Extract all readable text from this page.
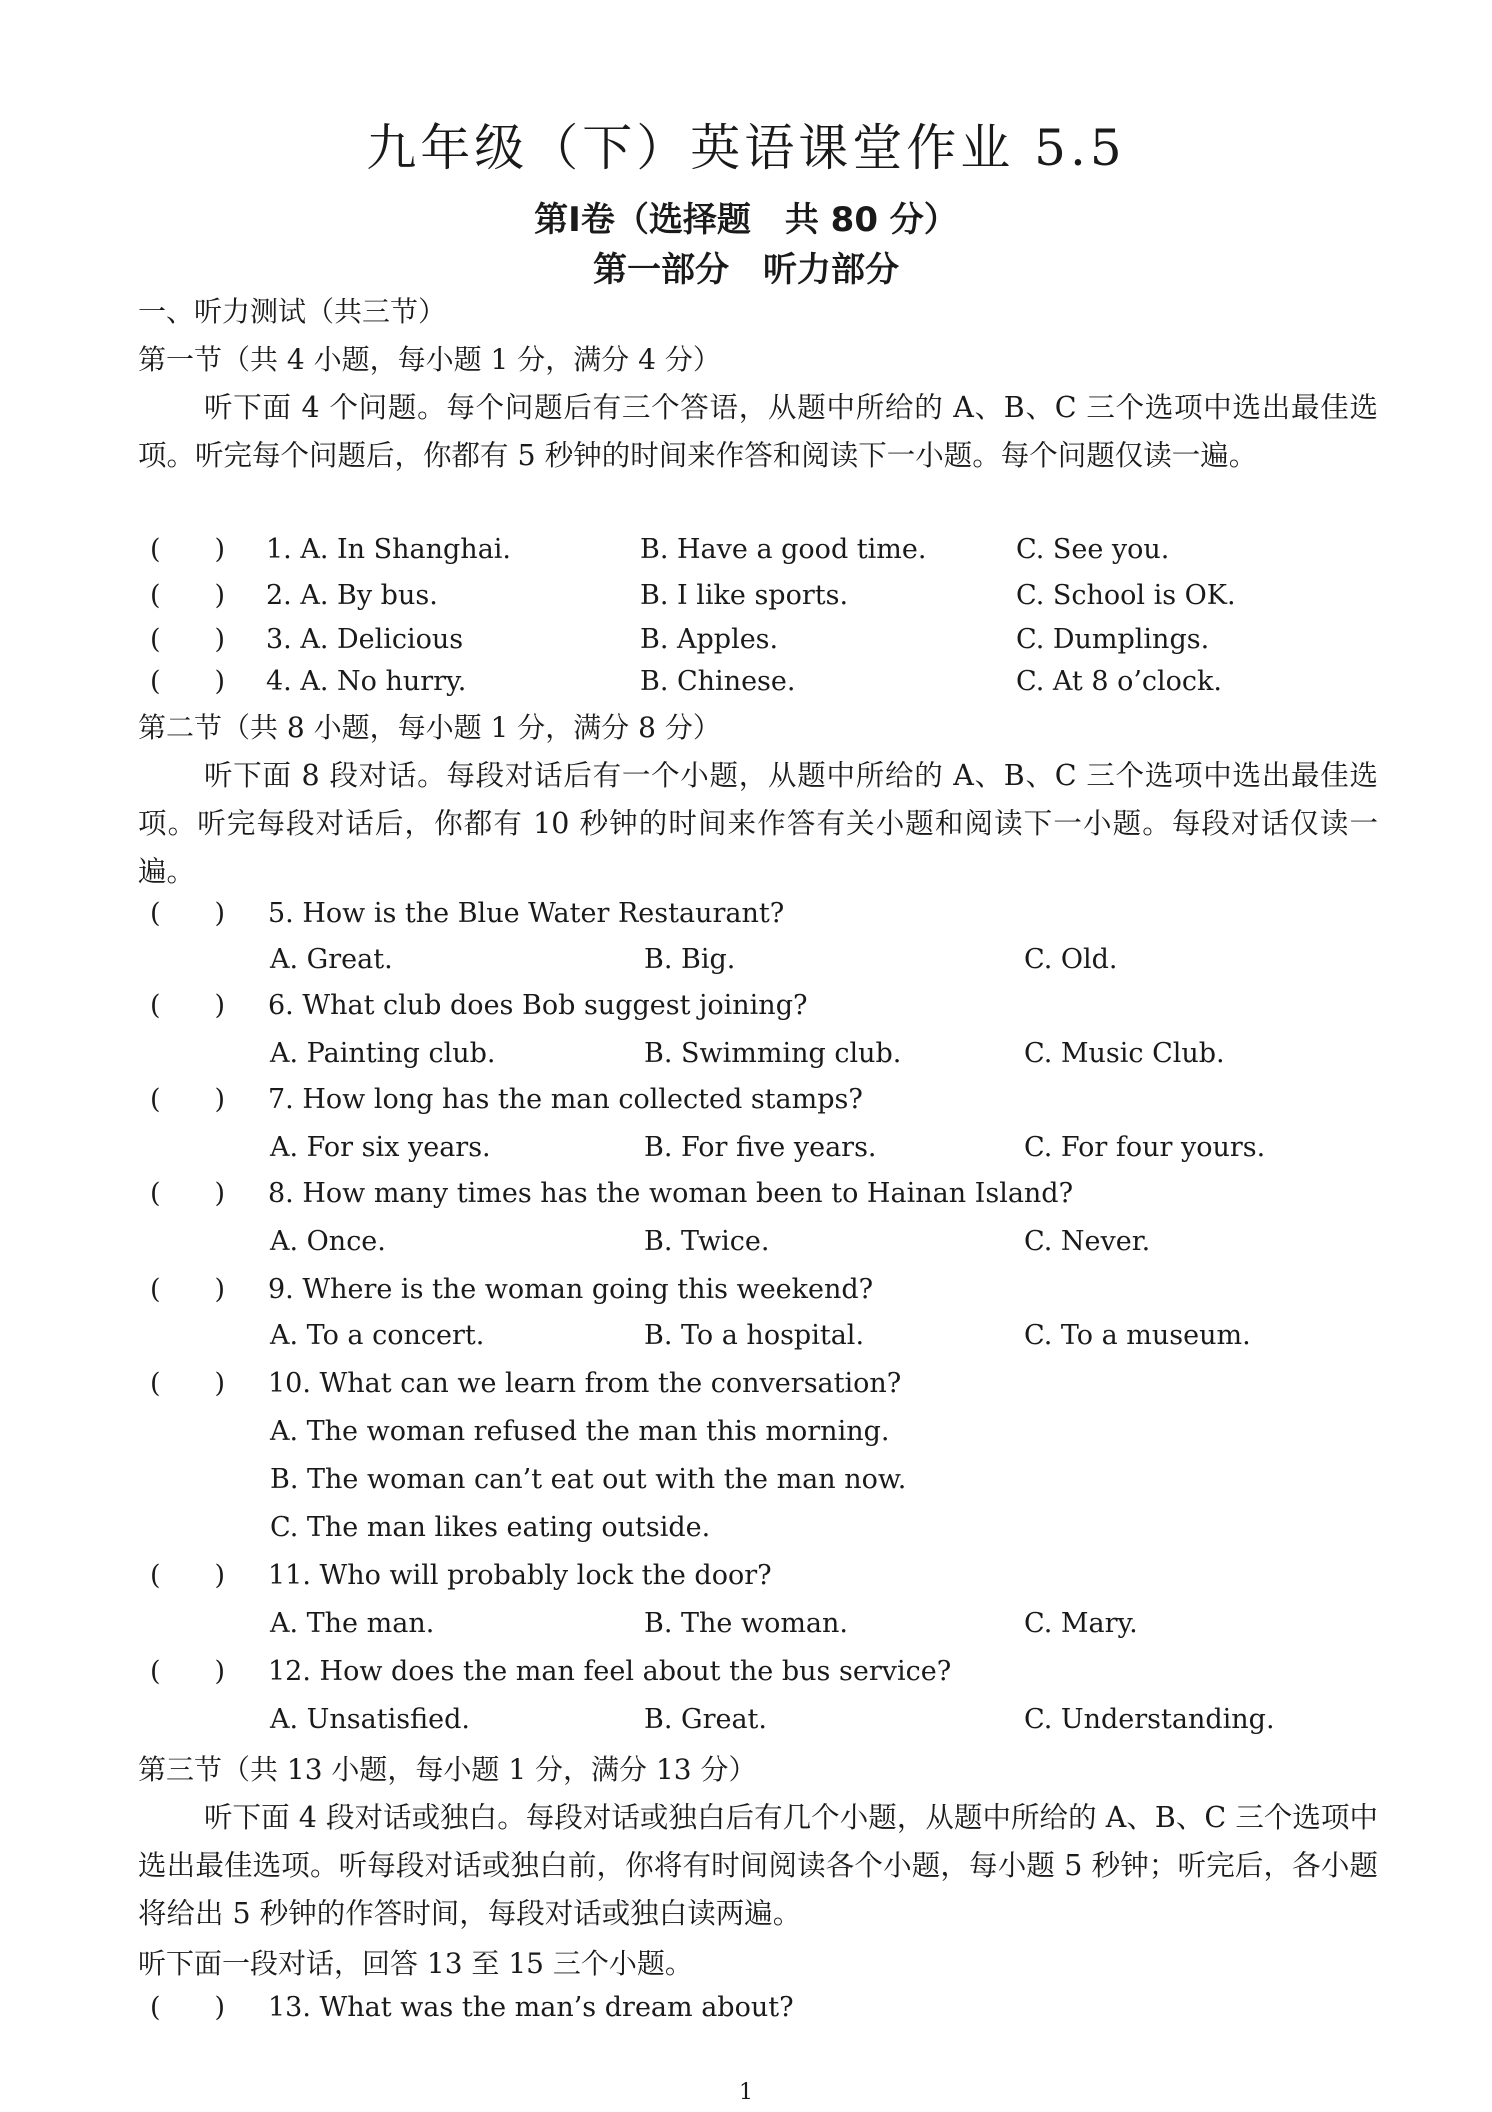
九年级（下）英语课堂作业 5.5
第Ⅰ卷（选择题　共 80 分）
第一部分　听力部分
一、听力测试（共三节）
第一节（共 4 小题，每小题 1 分，满分 4 分）
听下面 4 个问题。每个问题后有三个答语，从题中所给的 A、B、C 三个选项中选出最佳选项。听完每个问题后，你都有 5 秒钟的时间来作答和阅读下一小题。每个问题仅读一遍。
(　　) 1. A. In Shanghai.	B. Have a good time.	C. See you.
(　　) 2. A. By bus.	B. I like sports.	C. School is OK.
(　　) 3. A. Delicious	B. Apples.	C. Dumplings.
(　　) 4. A. No hurry.	B. Chinese.	C. At 8 o’clock.
第二节（共 8 小题，每小题 1 分，满分 8 分）
听下面 8 段对话。每段对话后有一个小题，从题中所给的 A、B、C 三个选项中选出最佳选项。听完每段对话后，你都有 10 秒钟的时间来作答有关小题和阅读下一小题。每段对话仅读一遍。
(　　) 5. How is the Blue Water Restaurant?
A. Great.	B. Big.	C. Old.
(　　) 6. What club does Bob suggest joining?
A. Painting club.	B. Swimming club.	C. Music Club.
(　　) 7. How long has the man collected stamps?
A. For six years.	B. For five years.	C. For four yours.
(　　) 8. How many times has the woman been to Hainan Island?
A. Once.	B. Twice.	C. Never.
(　　) 9. Where is the woman going this weekend?
A. To a concert.	B. To a hospital.	C. To a museum.
(　　) 10. What can we learn from the conversation?
A. The woman refused the man this morning.
B. The woman can’t eat out with the man now.
C. The man likes eating outside.
(　　) 11. Who will probably lock the door?
A. The man.	B. The woman.	C. Mary.
(　　) 12. How does the man feel about the bus service?
A. Unsatisfied.	B. Great.	C. Understanding.
第三节（共 13 小题，每小题 1 分，满分 13 分）
听下面 4 段对话或独白。每段对话或独白后有几个小题，从题中所给的 A、B、C 三个选项中选出最佳选项。听每段对话或独白前，你将有时间阅读各个小题，每小题 5 秒钟；听完后，各小题将给出 5 秒钟的作答时间，每段对话或独白读两遍。
听下面一段对话，回答 13 至 15 三个小题。
(　　) 13. What was the man’s dream about?
1
